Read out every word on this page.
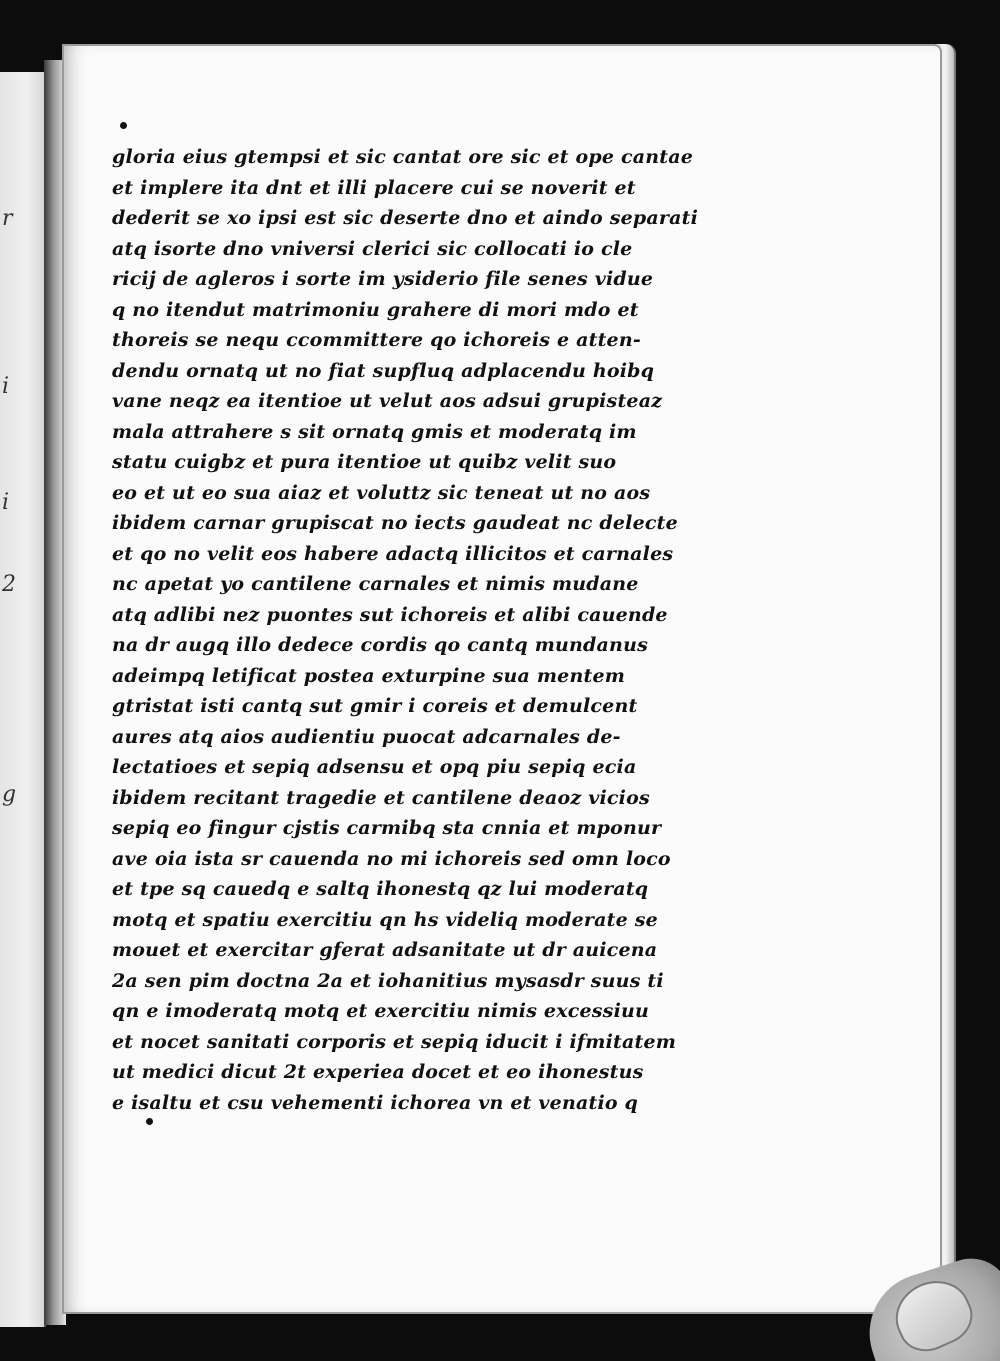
r
i
i
2
g
gloria eius gtempsi et sic cantat ore sic et ope cantae
et implere ita dnt et illi placere cui se noverit et
dederit se xo ipsi est sic deserte dno et aindo separati
atq isorte dno vniversi clerici sic collocati io cle
ricij de agleros i sorte im ysiderio file senes vidue
q no itendut matrimoniu grahere di mori mdo et
thoreis se nequ ccommittere qo ichoreis e atten-
dendu ornatq ut no fiat supfluq adplacendu hoibq
vane neqz ea itentioe ut velut aos adsui grupisteaz
mala attrahere s sit ornatq gmis et moderatq im
statu cuigbz et pura itentioe ut quibz velit suo
eo et ut eo sua aiaz et voluttz sic teneat ut no aos
ibidem carnar grupiscat no iects gaudeat nc delecte
et qo no velit eos habere adactq illicitos et carnales
nc apetat yo cantilene carnales et nimis mudane
atq adlibi nez puontes sut ichoreis et alibi cauende
na dr augq illo dedece cordis qo cantq mundanus
adeimpq letificat postea exturpine sua mentem
gtristat isti cantq sut gmir i coreis et demulcent
aures atq aios audientiu puocat adcarnales de-
lectatioes et sepiq adsensu et opq piu sepiq ecia
ibidem recitant tragedie et cantilene deaoz vicios
sepiq eo fingur cjstis carmibq sta cnnia et mponur
ave oia ista sr cauenda no mi ichoreis sed omn loco
et tpe sq cauedq e saltq ihonestq qz lui moderatq
motq et spatiu exercitiu qn hs videliq moderate se
mouet et exercitar gferat adsanitate ut dr auicena
2a sen pim doctna 2a et iohanitius mysasdr suus ti
qn e imoderatq motq et exercitiu nimis excessiuu
et nocet sanitati corporis et sepiq iducit i ifmitatem
ut medici dicut 2t experiea docet et eo ihonestus
e isaltu et csu vehementi ichorea vn et venatio q
